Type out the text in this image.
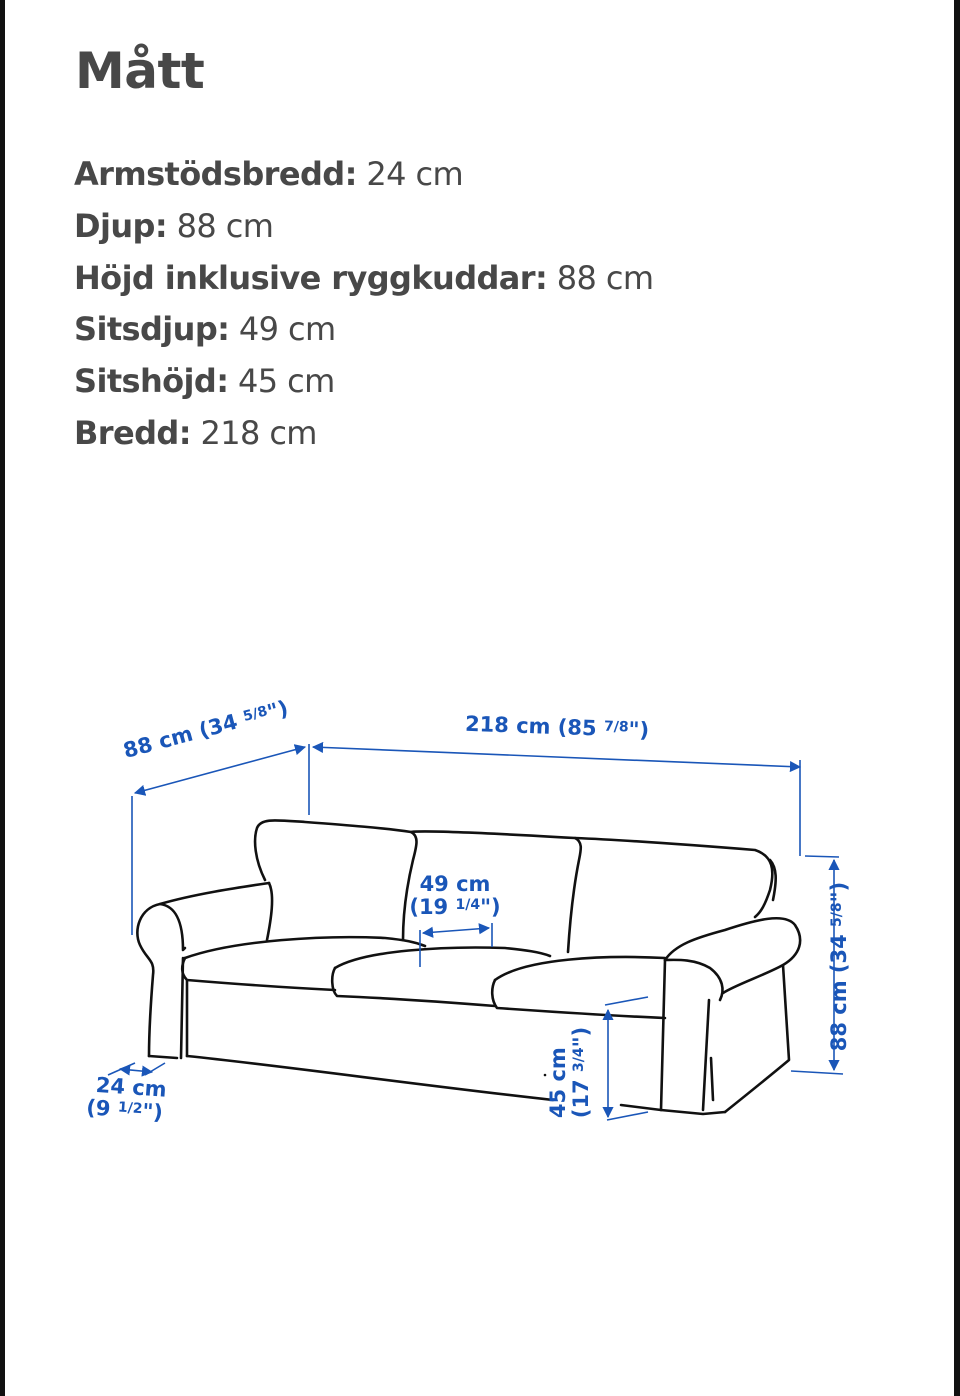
Mått
Armstödsbredd: 24 cm
Djup: 88 cm
Höjd inklusive ryggkuddar: 88 cm
Sitsdjup: 49 cm
Sitshöjd: 45 cm
Bredd: 218 cm
88 cm (34 $^{5/8}$")
218 cm (85 $^{7/8}$")
88 cm (34 $^{5/8}$")
49 cm
(19 $^{1/4}$")
45 cm (17 $^{3/4}$")
24 cm
(9 $^{1/2}$")
